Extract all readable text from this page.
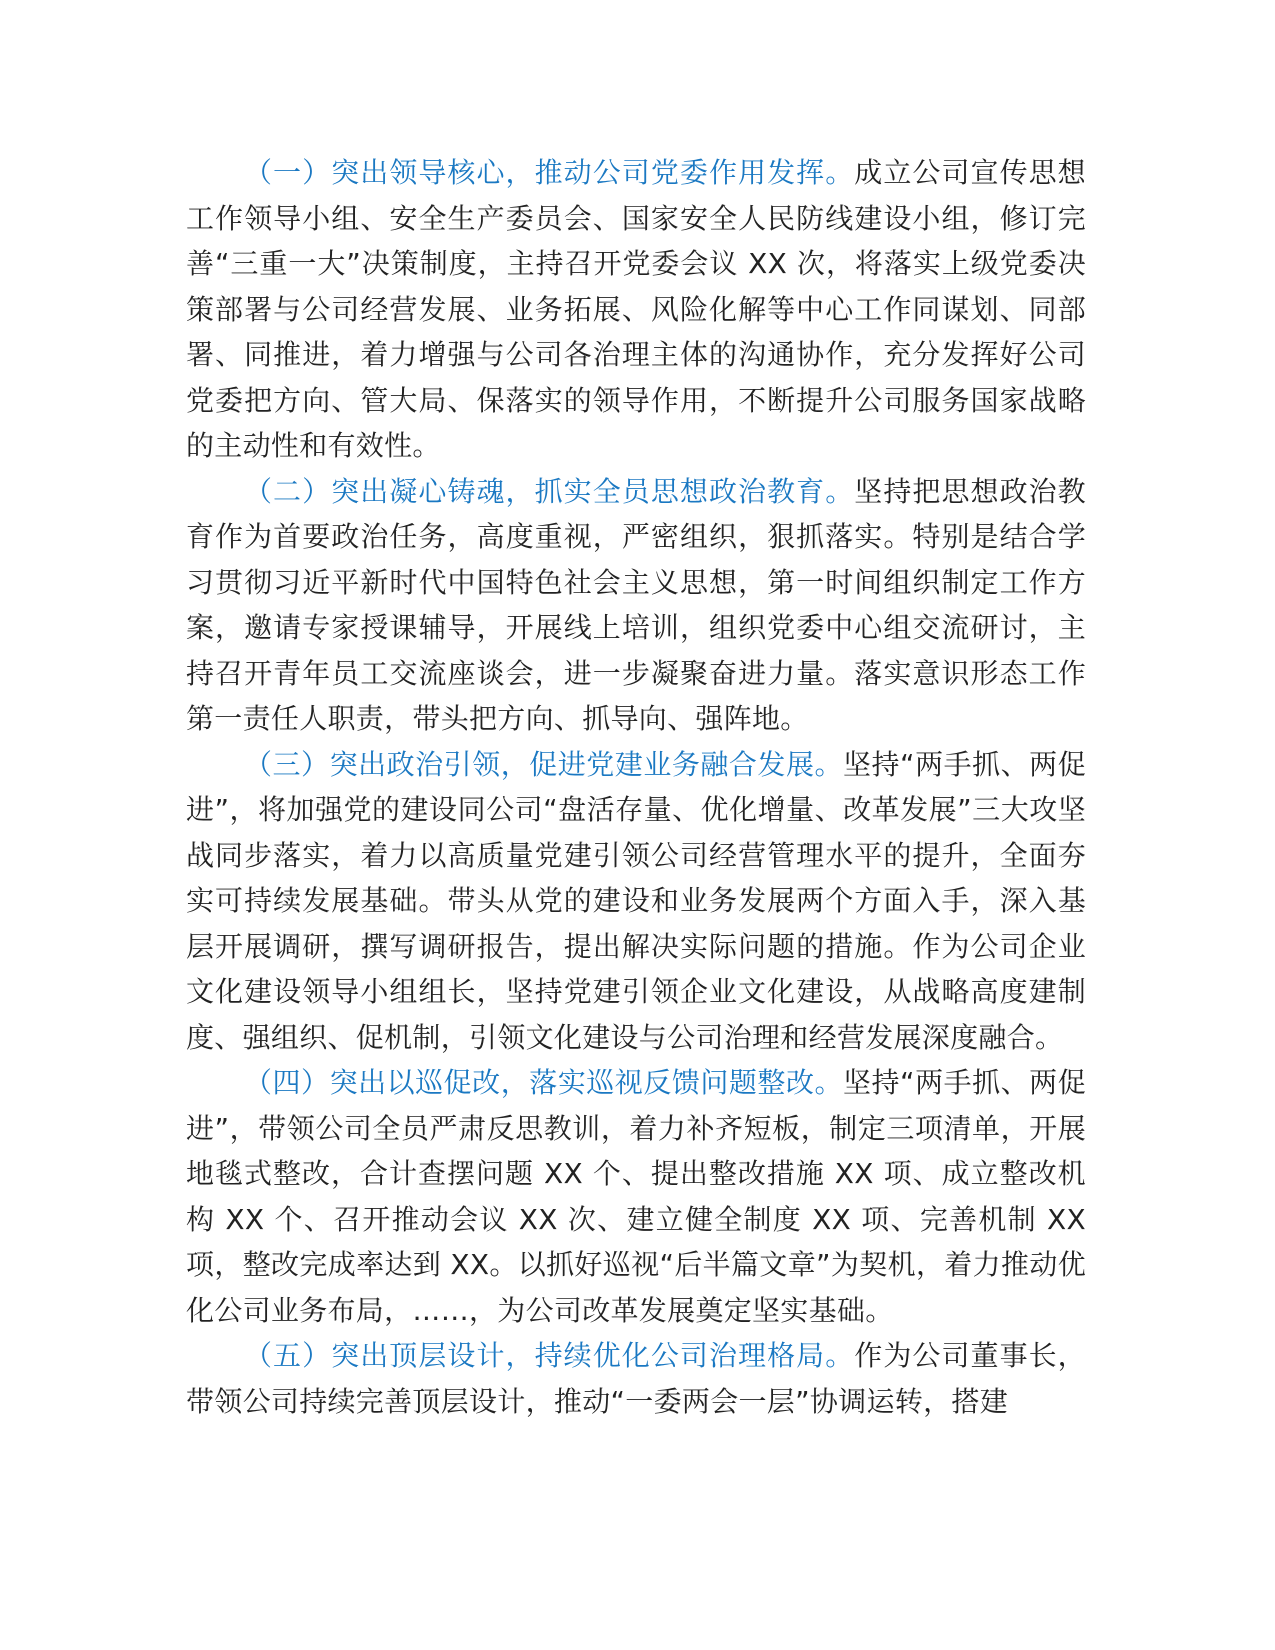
（一）突出领导核心，推动公司党委作用发挥。成立公司宣传思想工作领导小组、安全生产委员会、国家安全人民防线建设小组，修订完善“三重一大”决策制度，主持召开党委会议 XX 次，将落实上级党委决策部署与公司经营发展、业务拓展、风险化解等中心工作同谋划、同部署、同推进，着力增强与公司各治理主体的沟通协作，充分发挥好公司党委把方向、管大局、保落实的领导作用，不断提升公司服务国家战略的主动性和有效性。

（二）突出凝心铸魂，抓实全员思想政治教育。坚持把思想政治教育作为首要政治任务，高度重视，严密组织，狠抓落实。特别是结合学习贯彻习近平新时代中国特色社会主义思想，第一时间组织制定工作方案，邀请专家授课辅导，开展线上培训，组织党委中心组交流研讨，主持召开青年员工交流座谈会，进一步凝聚奋进力量。落实意识形态工作第一责任人职责，带头把方向、抓导向、强阵地。

（三）突出政治引领，促进党建业务融合发展。坚持“两手抓、两促进”，将加强党的建设同公司“盘活存量、优化增量、改革发展”三大攻坚战同步落实，着力以高质量党建引领公司经营管理水平的提升，全面夯实可持续发展基础。带头从党的建设和业务发展两个方面入手，深入基层开展调研，撰写调研报告，提出解决实际问题的措施。作为公司企业文化建设领导小组组长，坚持党建引领企业文化建设，从战略高度建制度、强组织、促机制，引领文化建设与公司治理和经营发展深度融合。

（四）突出以巡促改，落实巡视反馈问题整改。坚持“两手抓、两促进”，带领公司全员严肃反思教训，着力补齐短板，制定三项清单，开展地毯式整改，合计查摆问题 XX 个、提出整改措施 XX 项、成立整改机构 XX 个、召开推动会议 XX 次、建立健全制度 XX 项、完善机制 XX 项，整改完成率达到 XX。以抓好巡视“后半篇文章”为契机，着力推动优化公司业务布局，……，为公司改革发展奠定坚实基础。

（五）突出顶层设计，持续优化公司治理格局。作为公司董事长，带领公司持续完善顶层设计，推动“一委两会一层”协调运转，搭建
